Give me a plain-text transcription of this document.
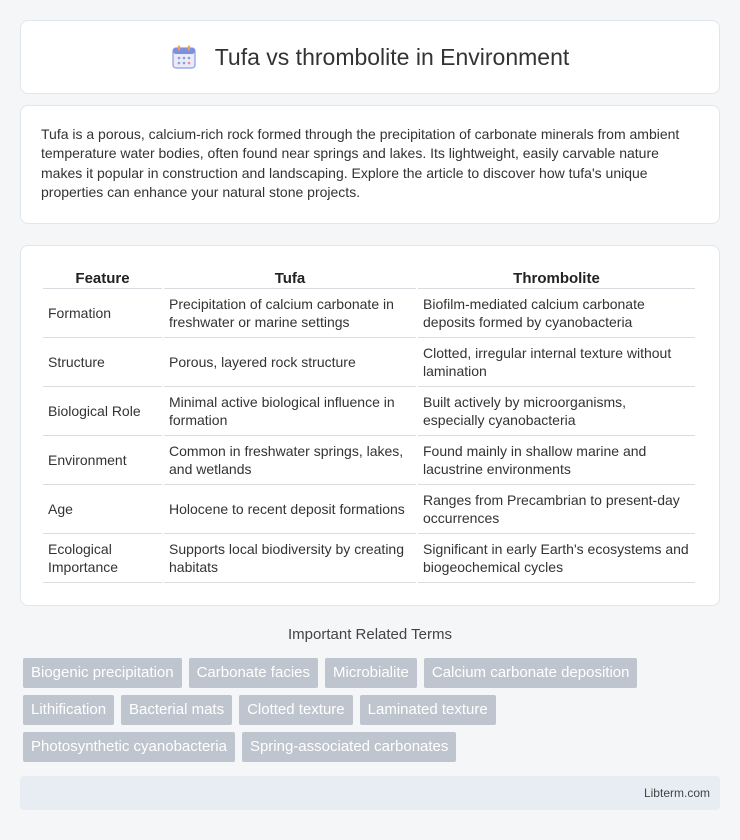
Tufa vs thrombolite in Environment

Tufa is a porous, calcium-rich rock formed through the precipitation of carbonate minerals from ambient temperature water bodies, often found near springs and lakes. Its lightweight, easily carvable nature makes it popular in construction and landscaping. Explore the article to discover how tufa's unique properties can enhance your natural stone projects.

Feature	Tufa	Thrombolite
Formation	Precipitation of calcium carbonate in freshwater or marine settings	Biofilm-mediated calcium carbonate deposits formed by cyanobacteria
Structure	Porous, layered rock structure	Clotted, irregular internal texture without lamination
Biological Role	Minimal active biological influence in formation	Built actively by microorganisms, especially cyanobacteria
Environment	Common in freshwater springs, lakes, and wetlands	Found mainly in shallow marine and lacustrine environments
Age	Holocene to recent deposit formations	Ranges from Precambrian to present-day occurrences
Ecological Importance	Supports local biodiversity by creating habitats	Significant in early Earth's ecosystems and biogeochemical cycles
Important Related Terms
Biogenic precipitation	Carbonate facies	Microbialite	Calcium carbonate deposition
Lithification	Bacterial mats	Clotted texture	Laminated texture
Photosynthetic cyanobacteria	Spring-associated carbonates
Libterm.com
